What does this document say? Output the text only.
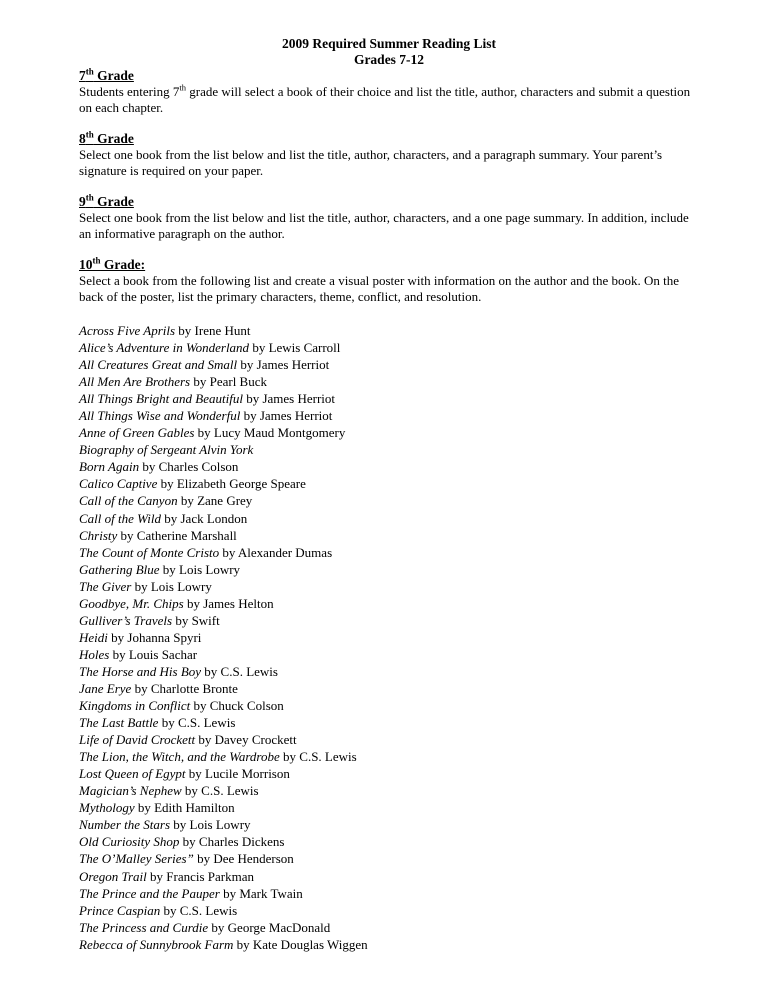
2009 Required Summer Reading List
Grades 7-12
7th Grade
Students entering 7th grade will select a book of their choice and list the title, author, characters and submit a question on each chapter.
8th Grade
Select one book from the list below and list the title, author, characters, and a paragraph summary. Your parent’s signature is required on your paper.
9th Grade
Select one book from the list below and list the title, author, characters, and a one page summary. In addition, include an informative paragraph on the author.
10th Grade:
Select a book from the following list and create a visual poster with information on the author and the book. On the back of the poster, list the primary characters, theme, conflict, and resolution.
Across Five Aprils by Irene Hunt
Alice’s Adventure in Wonderland by Lewis Carroll
All Creatures Great and Small by James Herriot
All Men Are Brothers by Pearl Buck
All Things Bright and Beautiful by James Herriot
All Things Wise and Wonderful by James Herriot
Anne of Green Gables by Lucy Maud Montgomery
Biography of Sergeant Alvin York
Born Again by Charles Colson
Calico Captive by Elizabeth George Speare
Call of the Canyon by Zane Grey
Call of the Wild by Jack London
Christy by Catherine Marshall
The Count of Monte Cristo by Alexander Dumas
Gathering Blue by Lois Lowry
The Giver by Lois Lowry
Goodbye, Mr. Chips by James Helton
Gulliver’s Travels by Swift
Heidi by Johanna Spyri
Holes by Louis Sachar
The Horse and His Boy by C.S. Lewis
Jane Erye by Charlotte Bronte
Kingdoms in Conflict by Chuck Colson
The Last Battle by C.S. Lewis
Life of David Crockett by Davey Crockett
The Lion, the Witch, and the Wardrobe by C.S. Lewis
Lost Queen of Egypt by Lucile Morrison
Magician’s Nephew by C.S. Lewis
Mythology by Edith Hamilton
Number the Stars by Lois Lowry
Old Curiosity Shop by Charles Dickens
The O’Malley Series” by Dee Henderson
Oregon Trail by Francis Parkman
The Prince and the Pauper by Mark Twain
Prince Caspian by C.S. Lewis
The Princess and Curdie by George MacDonald
Rebecca of Sunnybrook Farm by Kate Douglas Wiggen
